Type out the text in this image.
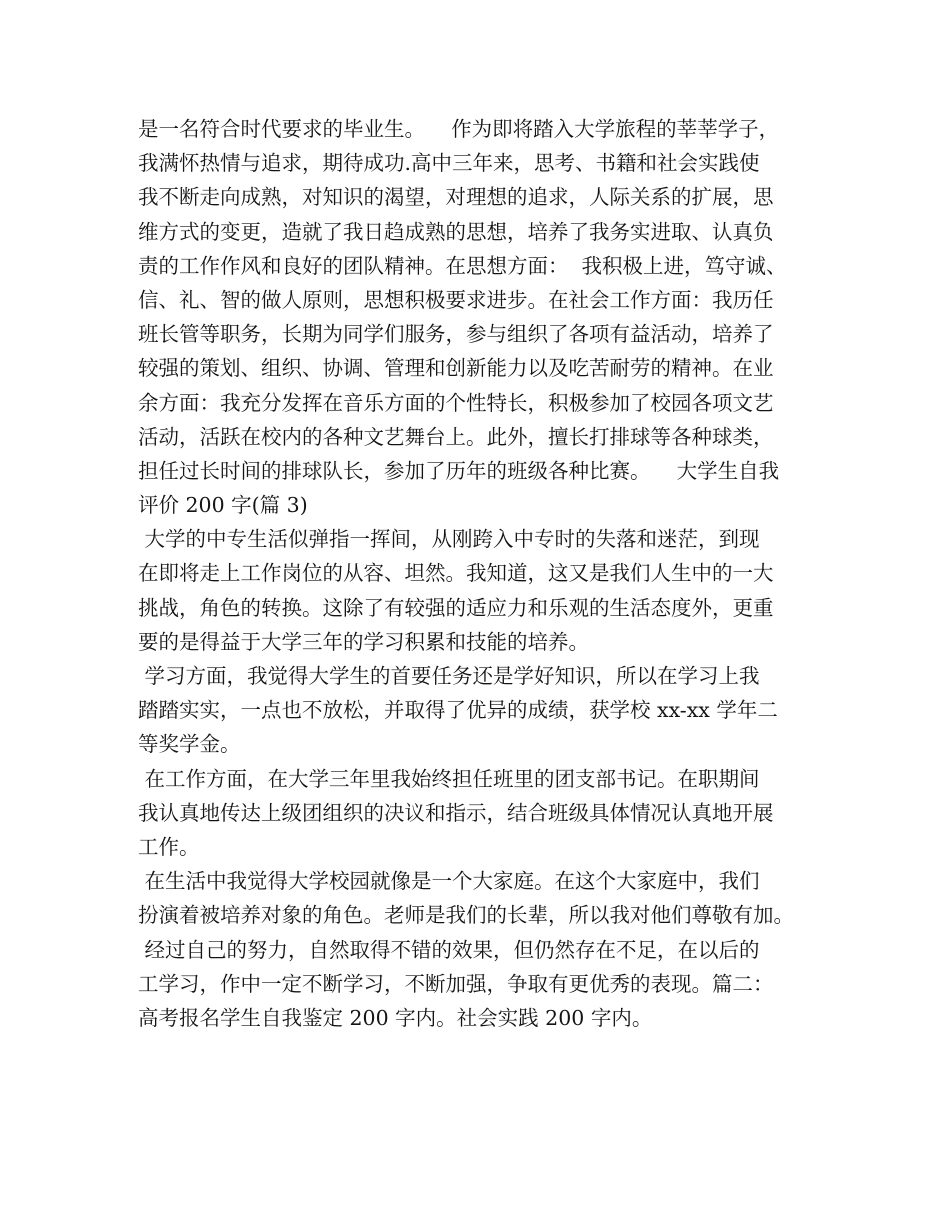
是一名符合时代要求的毕业生。    作为即将踏入大学旅程的莘莘学子，
我满怀热情与追求，期待成功.高中三年来，思考、书籍和社会实践使
我不断走向成熟，对知识的渴望，对理想的追求，人际关系的扩展，思
维方式的变更，造就了我日趋成熟的思想，培养了我务实进取、认真负
责的工作作风和良好的团队精神。在思想方面：  我积极上进，笃守诚、
信、礼、智的做人原则，思想积极要求进步。在社会工作方面：我历任
班长管等职务，长期为同学们服务，参与组织了各项有益活动，培养了
较强的策划、组织、协调、管理和创新能力以及吃苦耐劳的精神。在业
余方面：我充分发挥在音乐方面的个性特长，积极参加了校园各项文艺
活动，活跃在校内的各种文艺舞台上。此外，擅长打排球等各种球类，
担任过长时间的排球队长，参加了历年的班级各种比赛。    大学生自我
评价 200 字(篇 3)
大学的中专生活似弹指一挥间，从刚跨入中专时的失落和迷茫，到现
在即将走上工作岗位的从容、坦然。我知道，这又是我们人生中的一大
挑战，角色的转换。这除了有较强的适应力和乐观的生活态度外，更重
要的是得益于大学三年的学习积累和技能的培养。
学习方面，我觉得大学生的首要任务还是学好知识，所以在学习上我
踏踏实实，一点也不放松，并取得了优异的成绩，获学校 xx-xx 学年二
等奖学金。
在工作方面，在大学三年里我始终担任班里的团支部书记。在职期间
我认真地传达上级团组织的决议和指示，结合班级具体情况认真地开展
工作。
在生活中我觉得大学校园就像是一个大家庭。在这个大家庭中，我们
扮演着被培养对象的角色。老师是我们的长辈，所以我对他们尊敬有加。
经过自己的努力，自然取得不错的效果，但仍然存在不足，在以后的
工学习，作中一定不断学习，不断加强，争取有更优秀的表现。篇二：
高考报名学生自我鉴定 200 字内。社会实践 200 字内。
